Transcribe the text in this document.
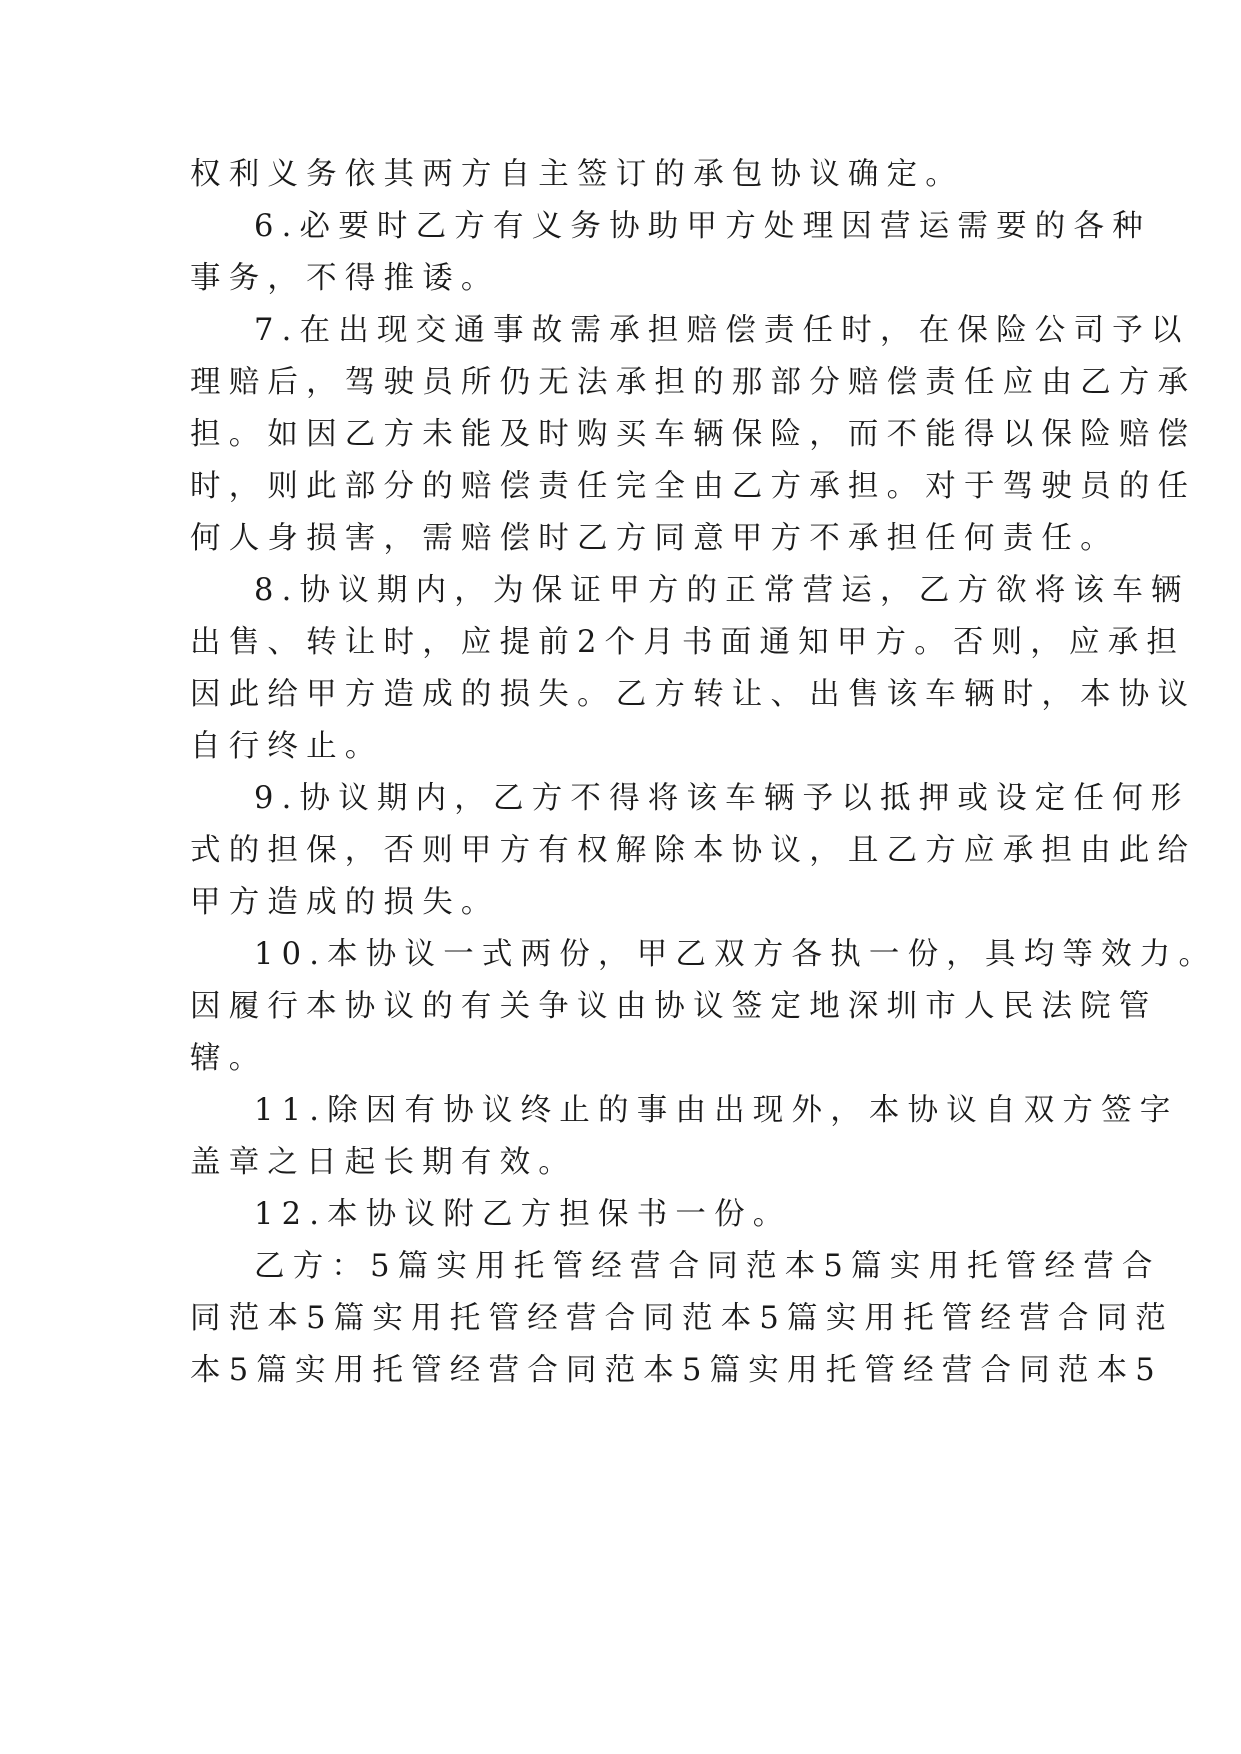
权利义务依其两方自主签订的承包协议确定。
6.必要时乙方有义务协助甲方处理因营运需要的各种
事务，不得推诿。
7.在出现交通事故需承担赔偿责任时，在保险公司予以
理赔后，驾驶员所仍无法承担的那部分赔偿责任应由乙方承
担。如因乙方未能及时购买车辆保险，而不能得以保险赔偿
时，则此部分的赔偿责任完全由乙方承担。对于驾驶员的任
何人身损害，需赔偿时乙方同意甲方不承担任何责任。
8.协议期内，为保证甲方的正常营运，乙方欲将该车辆
出售、转让时，应提前2个月书面通知甲方。否则，应承担
因此给甲方造成的损失。乙方转让、出售该车辆时，本协议
自行终止。
9.协议期内，乙方不得将该车辆予以抵押或设定任何形
式的担保，否则甲方有权解除本协议，且乙方应承担由此给
甲方造成的损失。
10.本协议一式两份，甲乙双方各执一份，具均等效力。
因履行本协议的有关争议由协议签定地深圳市人民法院管
辖。
11.除因有协议终止的事由出现外，本协议自双方签字
盖章之日起长期有效。
12.本协议附乙方担保书一份。
乙方：5篇实用托管经营合同范本5篇实用托管经营合
同范本5篇实用托管经营合同范本5篇实用托管经营合同范
本5篇实用托管经营合同范本5篇实用托管经营合同范本5
